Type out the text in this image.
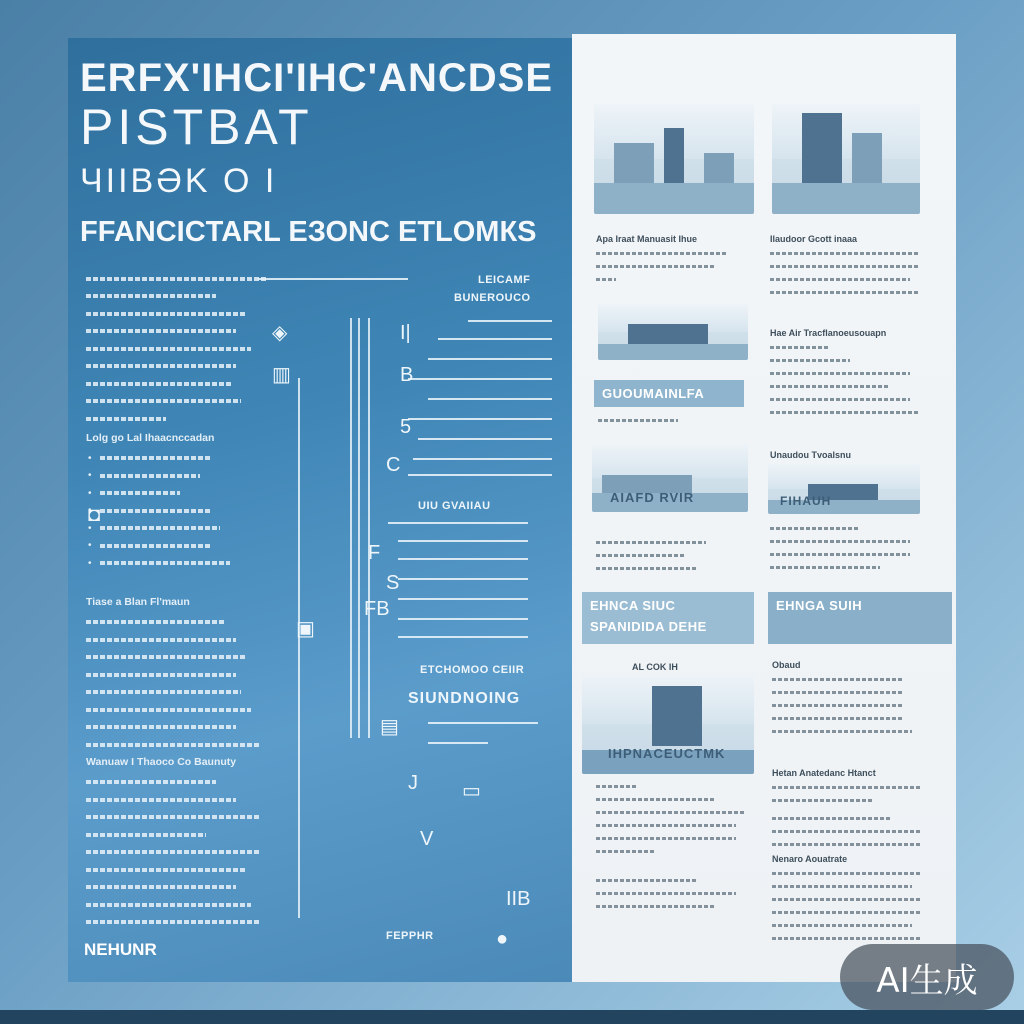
ERFX'IHCI'IHC'ANCDSE
PISTBAT
ЧIIBƏK O I
FFANCICTARL ЕЗОNC ЕТLОМКS
Lolg go Lal Ihaacnccadan
•
•
•
•
•
•
•
Tiase a Blan Fl'maun
Wanuaw I Thaoco Co Baunuty
LEICAMF
BUNEROUCO
◈
▥
I|
B
5
C
◘	UIU GVAIIAU
F
S
FB
▣
ЕТСНОМОО CEIIR
SIUNDNOING
▤
J ▭
V
IIB
●
FEPPHR
NEHUNR
Apa Iraat Manuasit Ihue	Ilaudoor Gcott inaaa
Hae Air Tracflanoeusouapn
GUOUMAINLFA
AIAFD RVIR
Unaudou Tvoalsnu
FIHAUH
EHNCA SIUC
SPANIDIDA DEHE
EHNGA SUIH
Obaud
AL COK IH
IHPNACEUCTMK
Hetan Anatedanc Htanct
Nenaro Aouatrate
AI生成
